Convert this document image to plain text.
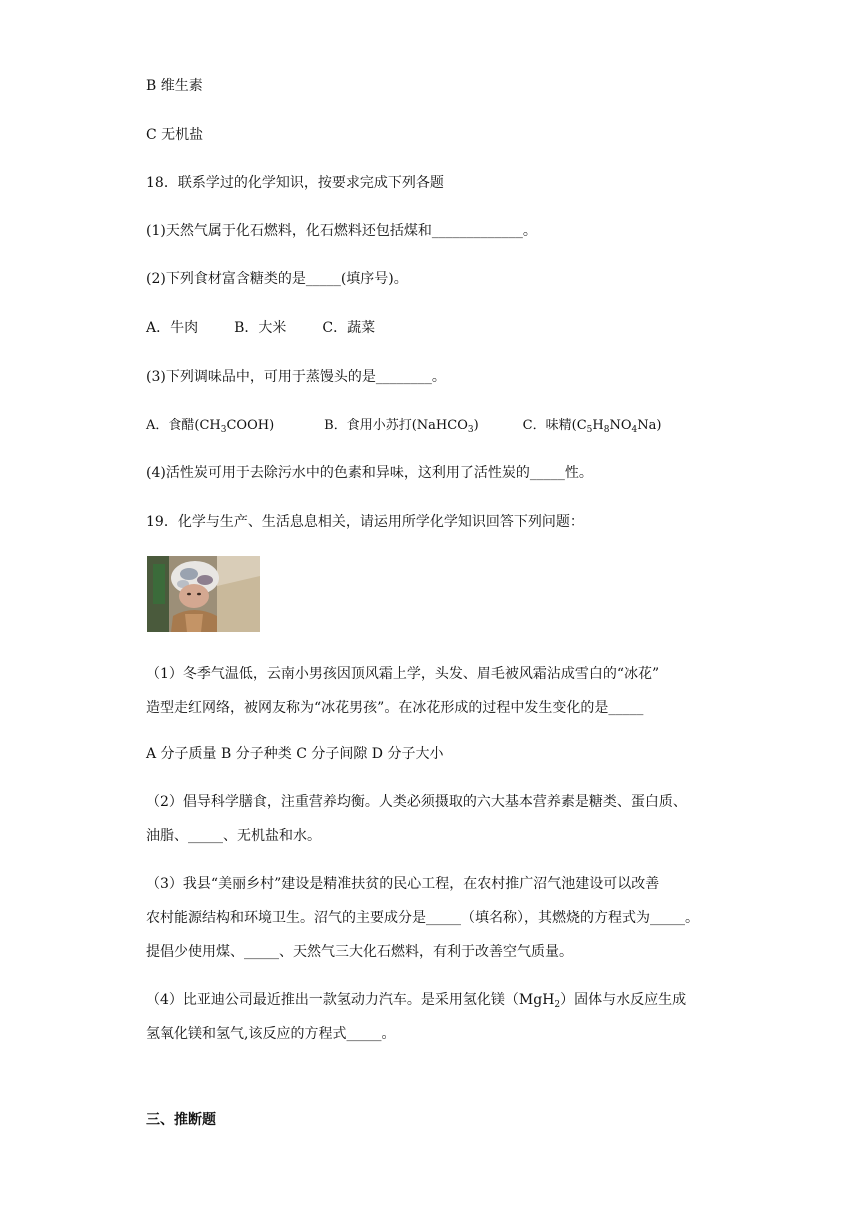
B 维生素
C 无机盐
18．联系学过的化学知识，按要求完成下列各题
(1)天然气属于化石燃料，化石燃料还包括煤和_____________。
(2)下列食材富含糖类的是_____(填序号)。
A．牛肉	B．大米	C．蔬菜
(3)下列调味品中，可用于蒸馒头的是________。
A．食醋$(CH_3COOH)$	B．食用小苏打(NaHCO$_3$)	C．味精$(C_5H_8NO_4Na)$
(4)活性炭可用于去除污水中的色素和异味，这利用了活性炭的_____性。
19．化学与生产、生活息息相关，请运用所学化学知识回答下列问题：
（1）冬季气温低，云南小男孩因顶风霜上学，头发、眉毛被风霜沾成雪白的“冰花”
造型走红网络，被网友称为“冰花男孩”。在冰花形成的过程中发生变化的是_____
A 分子质量 B 分子种类 C 分子间隙 D 分子大小
（2）倡导科学膳食，注重营养均衡。人类必须摄取的六大基本营养素是糖类、蛋白质、
油脂、_____、无机盐和水。
（3）我县“美丽乡村”建设是精准扶贫的民心工程，在农村推广沼气池建设可以改善
农村能源结构和环境卫生。沼气的主要成分是_____（填名称），其燃烧的方程式为_____。
提倡少使用煤、_____、天然气三大化石燃料，有利于改善空气质量。
（4）比亚迪公司最近推出一款氢动力汽车。是采用氢化镁（MgH$_2$）固体与水反应生成
氢氧化镁和氢气,该反应的方程式_____。
三、推断题
